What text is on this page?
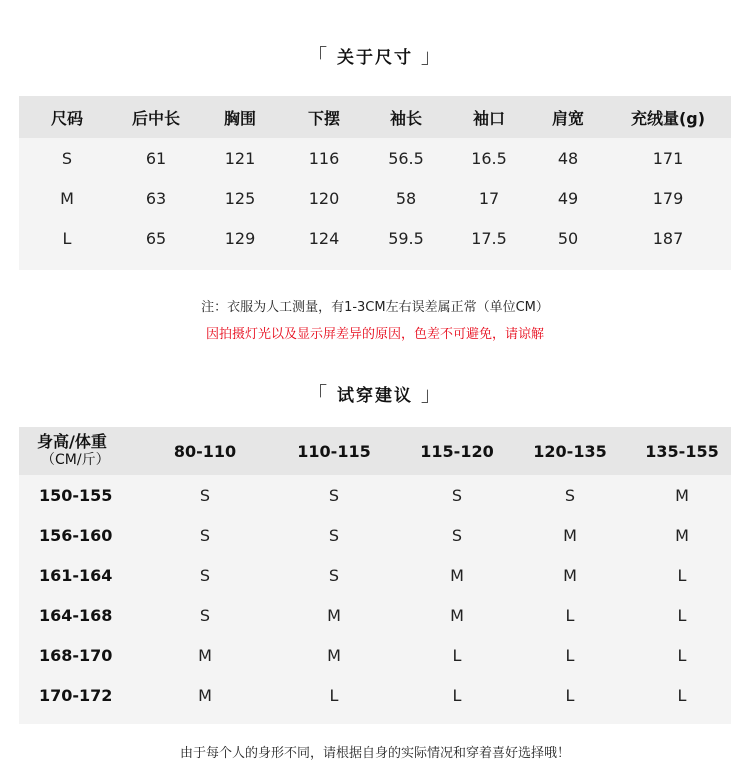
「 关于尺寸 」
尺码	后中长	胸围	下摆	袖长	袖口	肩宽	充绒量(g)
S	61	121	116	56.5	16.5	48	171
M	63	125	120	58	17	49	179
L	65	129	124	59.5	17.5	50	187
注：衣服为人工测量，有1-3CM左右误差属正常（单位CM）
因拍摄灯光以及显示屏差异的原因，色差不可避免，请谅解
「 试穿建议 」
身高/体重
（CM/斤）	80-110	110-115	115-120	120-135	135-155
150-155	S	S	S	S	M
156-160	S	S	S	M	M
161-164	S	S	M	M	L
164-168	S	M	M	L	L
168-170	M	M	L	L	L
170-172	M	L	L	L	L
由于每个人的身形不同，请根据自身的实际情况和穿着喜好选择哦！
